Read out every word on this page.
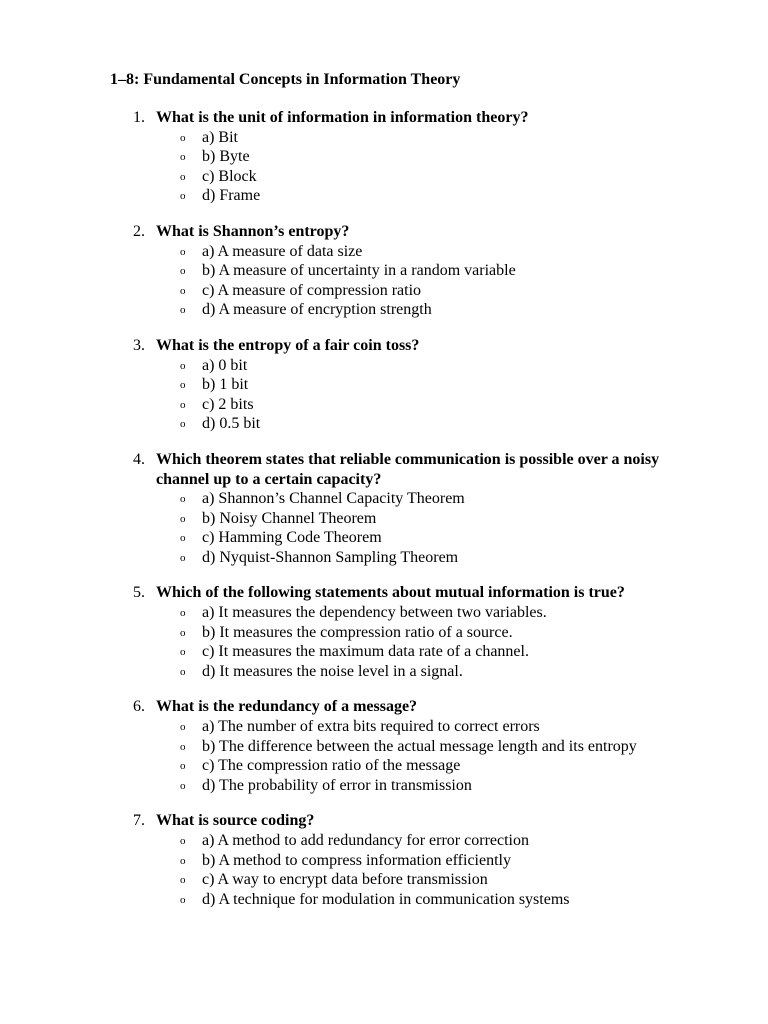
1–8: Fundamental Concepts in Information Theory
1. What is the unit of information in information theory?
o a) Bit
o b) Byte
o c) Block
o d) Frame
2. What is Shannon’s entropy?
o a) A measure of data size
o b) A measure of uncertainty in a random variable
o c) A measure of compression ratio
o d) A measure of encryption strength
3. What is the entropy of a fair coin toss?
o a) 0 bit
o b) 1 bit
o c) 2 bits
o d) 0.5 bit
4. Which theorem states that reliable communication is possible over a noisy channel up to a certain capacity?
o a) Shannon’s Channel Capacity Theorem
o b) Noisy Channel Theorem
o c) Hamming Code Theorem
o d) Nyquist-Shannon Sampling Theorem
5. Which of the following statements about mutual information is true?
o a) It measures the dependency between two variables.
o b) It measures the compression ratio of a source.
o c) It measures the maximum data rate of a channel.
o d) It measures the noise level in a signal.
6. What is the redundancy of a message?
o a) The number of extra bits required to correct errors
o b) The difference between the actual message length and its entropy
o c) The compression ratio of the message
o d) The probability of error in transmission
7. What is source coding?
o a) A method to add redundancy for error correction
o b) A method to compress information efficiently
o c) A way to encrypt data before transmission
o d) A technique for modulation in communication systems
